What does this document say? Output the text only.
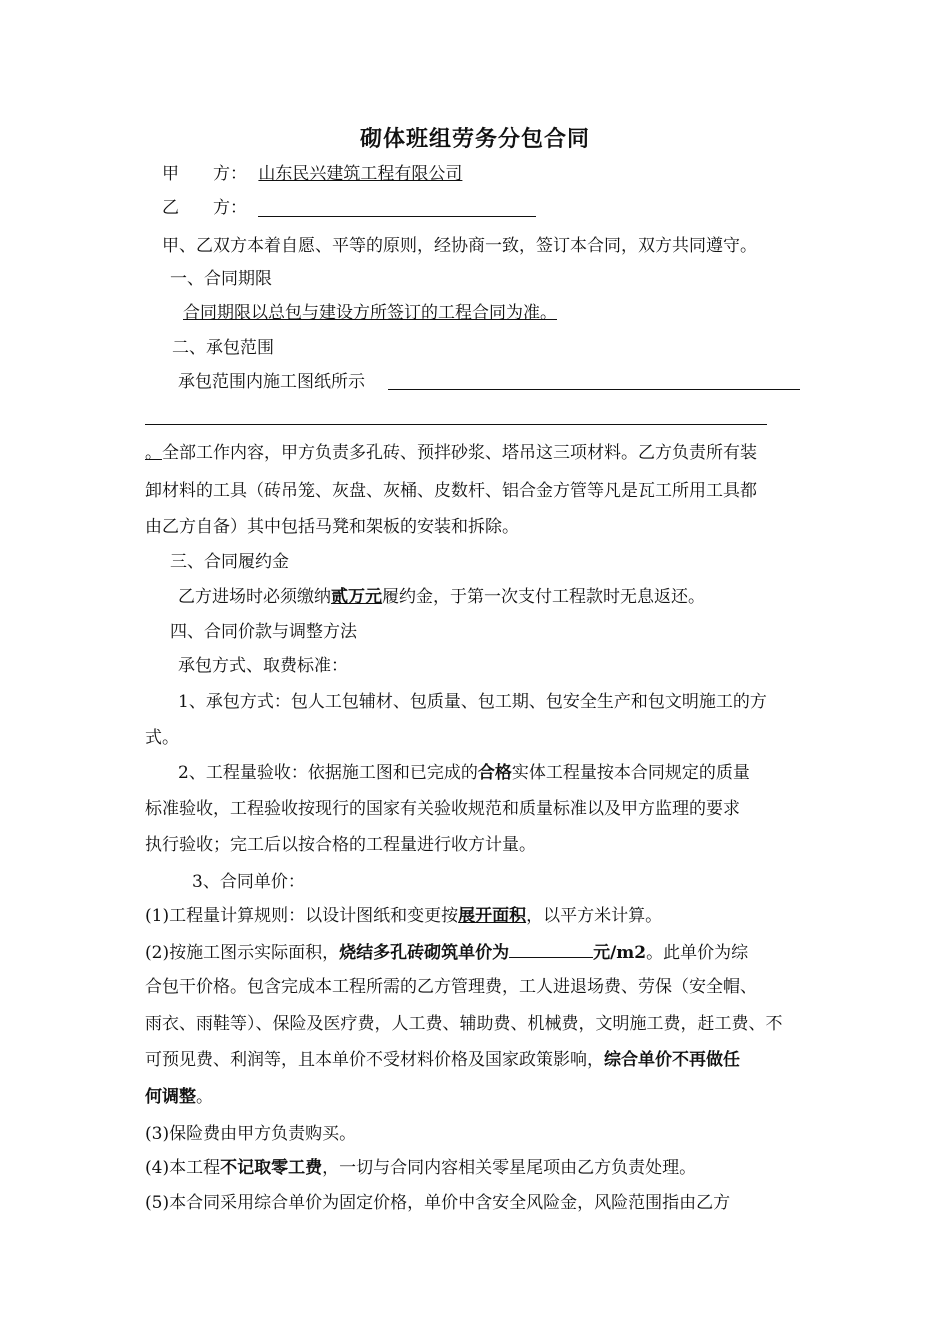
砌体班组劳务分包合同
甲　　方： 山东民兴建筑工程有限公司
乙　　方：
甲、乙双方本着自愿、平等的原则，经协商一致，签订本合同，双方共同遵守。
一、合同期限
合同期限以总包与建设方所签订的工程合同为准。
二、承包范围
承包范围内施工图纸所示
。全部工作内容，甲方负责多孔砖、预拌砂浆、塔吊这三项材料。乙方负责所有装
卸材料的工具（砖吊笼、灰盘、灰桶、皮数杆、铝合金方管等凡是瓦工所用工具都
由乙方自备）其中包括马凳和架板的安装和拆除。
三、合同履约金
乙方进场时必须缴纳贰万元履约金，于第一次支付工程款时无息返还。
四、合同价款与调整方法
承包方式、取费标准：
1、承包方式：包人工包辅材、包质量、包工期、包安全生产和包文明施工的方
式。
2、工程量验收：依据施工图和已完成的合格实体工程量按本合同规定的质量
标准验收，工程验收按现行的国家有关验收规范和质量标准以及甲方监理的要求
执行验收；完工后以按合格的工程量进行收方计量。
3、合同单价：
(1)工程量计算规则：以设计图纸和变更按展开面积，以平方米计算。
(2)按施工图示实际面积，烧结多孔砖砌筑单价为	元/m2。此单价为综
合包干价格。包含完成本工程所需的乙方管理费，工人进退场费、劳保（安全帽、
雨衣、雨鞋等）、保险及医疗费，人工费、辅助费、机械费，文明施工费，赶工费、不
可预见费、利润等，且本单价不受材料价格及国家政策影响，综合单价不再做任
何调整。
(3)保险费由甲方负责购买。
(4)本工程不记取零工费，一切与合同内容相关零星尾项由乙方负责处理。
(5)本合同采用综合单价为固定价格，单价中含安全风险金，风险范围指由乙方
